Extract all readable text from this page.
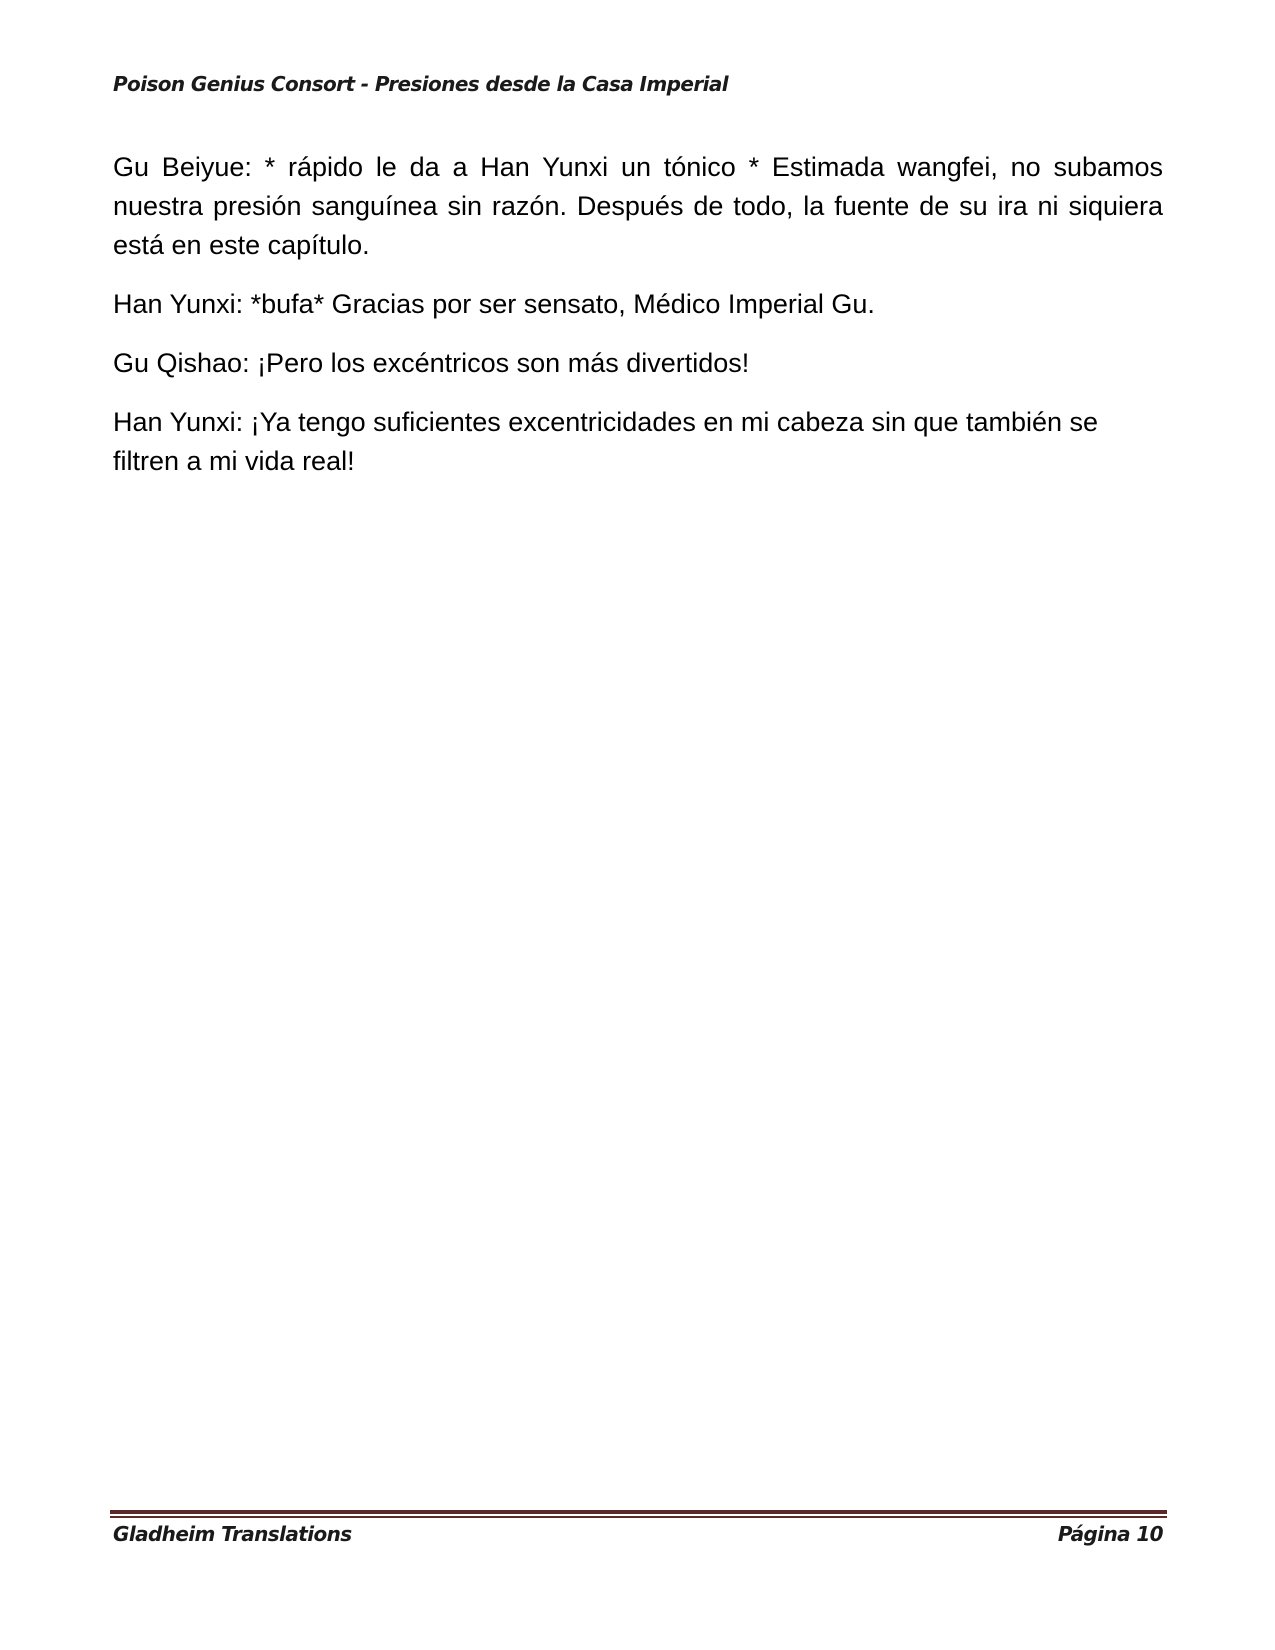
Poison Genius Consort - Presiones desde la Casa Imperial

Gu Beiyue: * rápido le da a Han Yunxi un tónico * Estimada wangfei, no subamos nuestra presión sanguínea sin razón. Después de todo, la fuente de su ira ni siquiera está en este capítulo.

Han Yunxi: *bufa* Gracias por ser sensato, Médico Imperial Gu.

Gu Qishao: ¡Pero los excéntricos son más divertidos!

Han Yunxi: ¡Ya tengo suficientes excentricidades en mi cabeza sin que también se filtren a mi vida real!

Gladheim Translations	Página 10
